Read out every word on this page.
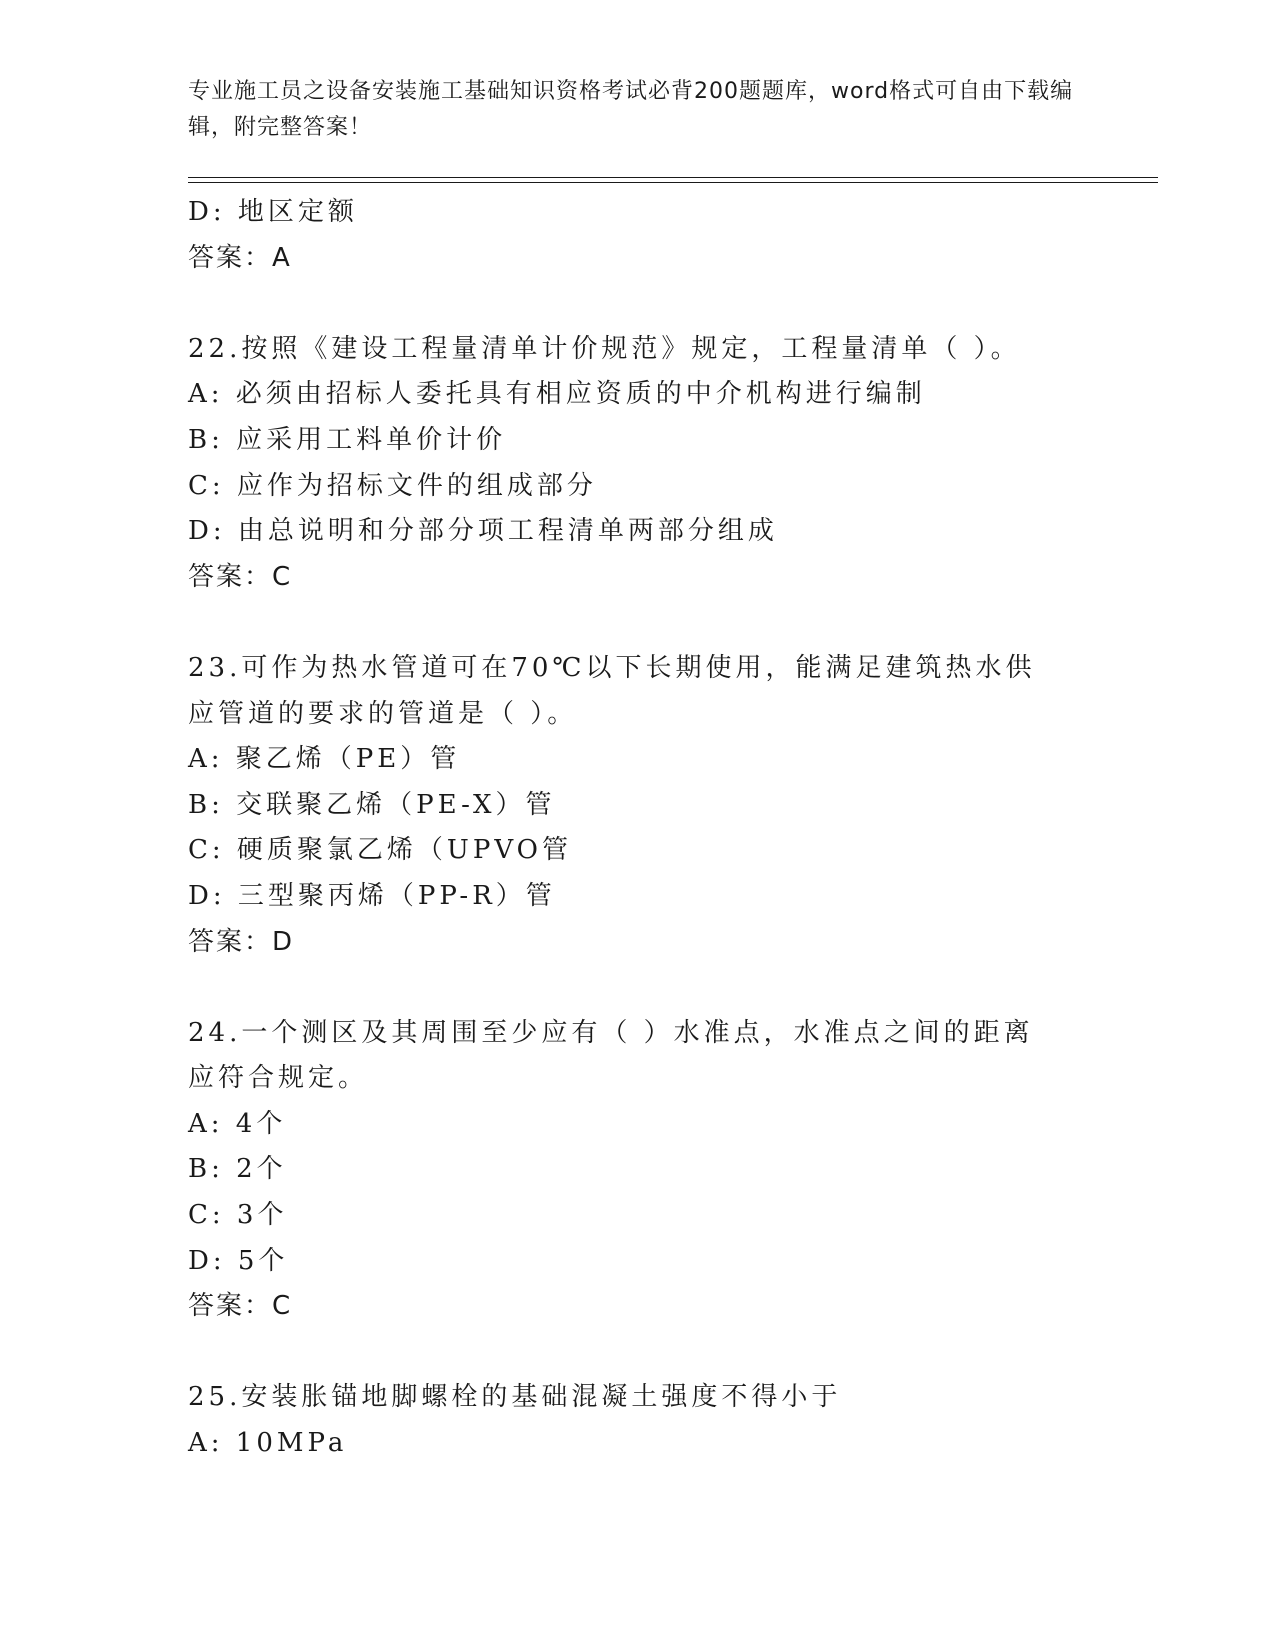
专业施工员之设备安装施工基础知识资格考试必背200题题库，word格式可自由下载编辑，附完整答案！
D: 地区定额
答案：A
22.按照《建设工程量清单计价规范》规定，工程量清单（ ）。
A: 必须由招标人委托具有相应资质的中介机构进行编制
B: 应采用工料单价计价
C: 应作为招标文件的组成部分
D: 由总说明和分部分项工程清单两部分组成
答案：C
23.可作为热水管道可在70℃以下长期使用，能满足建筑热水供应管道的要求的管道是（ ）。
A: 聚乙烯（PE）管
B: 交联聚乙烯（PE-X）管
C: 硬质聚氯乙烯（UPVO管
D: 三型聚丙烯（PP-R）管
答案：D
24.一个测区及其周围至少应有（ ）水准点，水准点之间的距离应符合规定。
A: 4个
B: 2个
C: 3个
D: 5个
答案：C
25.安装胀锚地脚螺栓的基础混凝土强度不得小于
A: 10MPa
